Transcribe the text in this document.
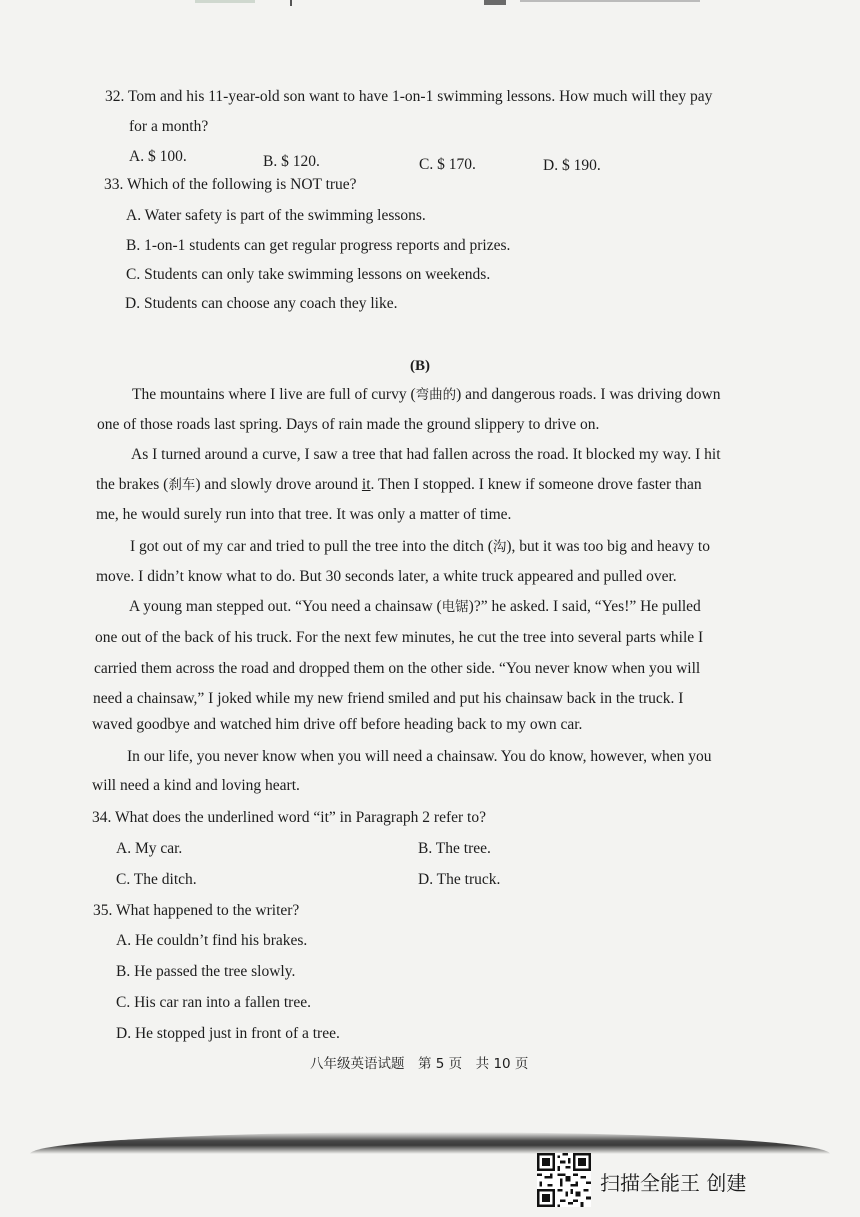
32. Tom and his 11-year-old son want to have 1-on-1 swimming lessons. How much will they pay
for a month?
A. $ 100.	B. $ 120.	C. $ 170.	D. $ 190.
33. Which of the following is NOT true?
A. Water safety is part of the swimming lessons.
B. 1-on-1 students can get regular progress reports and prizes.
C. Students can only take swimming lessons on weekends.
D. Students can choose any coach they like.
(B)
The mountains where I live are full of curvy (弯曲的) and dangerous roads. I was driving down
one of those roads last spring. Days of rain made the ground slippery to drive on.
As I turned around a curve, I saw a tree that had fallen across the road. It blocked my way. I hit
the brakes (刹车) and slowly drove around it. Then I stopped. I knew if someone drove faster than
me, he would surely run into that tree. It was only a matter of time.
I got out of my car and tried to pull the tree into the ditch (沟), but it was too big and heavy to
move. I didn’t know what to do. But 30 seconds later, a white truck appeared and pulled over.
A young man stepped out. “You need a chainsaw (电锯)?” he asked. I said, “Yes!” He pulled
one out of the back of his truck. For the next few minutes, he cut the tree into several parts while I
carried them across the road and dropped them on the other side. “You never know when you will
need a chainsaw,” I joked while my new friend smiled and put his chainsaw back in the truck. I
waved goodbye and watched him drive off before heading back to my own car.
In our life, you never know when you will need a chainsaw. You do know, however, when you
will need a kind and loving heart.
34. What does the underlined word “it” in Paragraph 2 refer to?
A. My car.	B. The tree.
C. The ditch.	D. The truck.
35. What happened to the writer?
A. He couldn’t find his brakes.
B. He passed the tree slowly.
C. His car ran into a fallen tree.
D. He stopped just in front of a tree.
八年级英语试题　第 5 页　共 10 页
扫描全能王 创建
